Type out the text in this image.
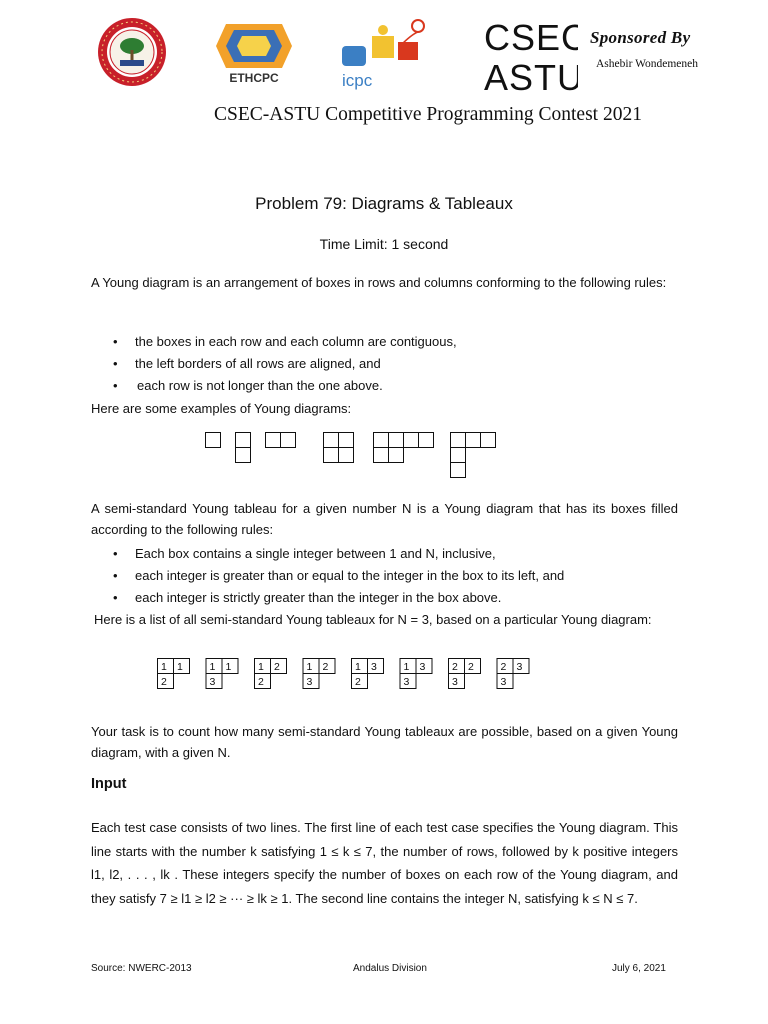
ETHCPC	icpc
CSEC
ASTU
Sponsored By
Ashebir Wondemeneh
CSEC-ASTU Competitive Programming Contest 2021
Problem 79: Diagrams & Tableaux
Time Limit: 1 second
A Young diagram is an arrangement of boxes in rows and columns conforming to the following rules:
• the boxes in each row and each column are contiguous,
• the left borders of all rows are aligned, and
• each row is not longer than the one above.
Here are some examples of Young diagrams:
A semi-standard Young tableau for a given number N is a Young diagram that has its boxes filled according to the following rules:
• Each box contains a single integer between 1 and N, inclusive,
• each integer is greater than or equal to the integer in the box to its left, and
• each integer is strictly greater than the integer in the box above.
Here is a list of all semi-standard Young tableaux for N = 3, based on a particular Young diagram:
1 1
2
1 1
3
1 2
2
1 2
3
1 3
2
1 3
3
2 2
3
2 3
3
Your task is to count how many semi-standard Young tableaux are possible, based on a given Young diagram, with a given N.
Input
Each test case consists of two lines. The first line of each test case specifies the Young diagram. This line starts with the number k satisfying 1 ≤ k ≤ 7, the number of rows, followed by k positive integers l1, l2, . . . , lk . These integers specify the number of boxes on each row of the Young diagram, and they satisfy 7 ≥ l1 ≥ l2 ≥ ··· ≥ lk ≥ 1. The second line contains the integer N, satisfying k ≤ N ≤ 7.
Source: NWERC-2013	Andalus Division	July 6, 2021
